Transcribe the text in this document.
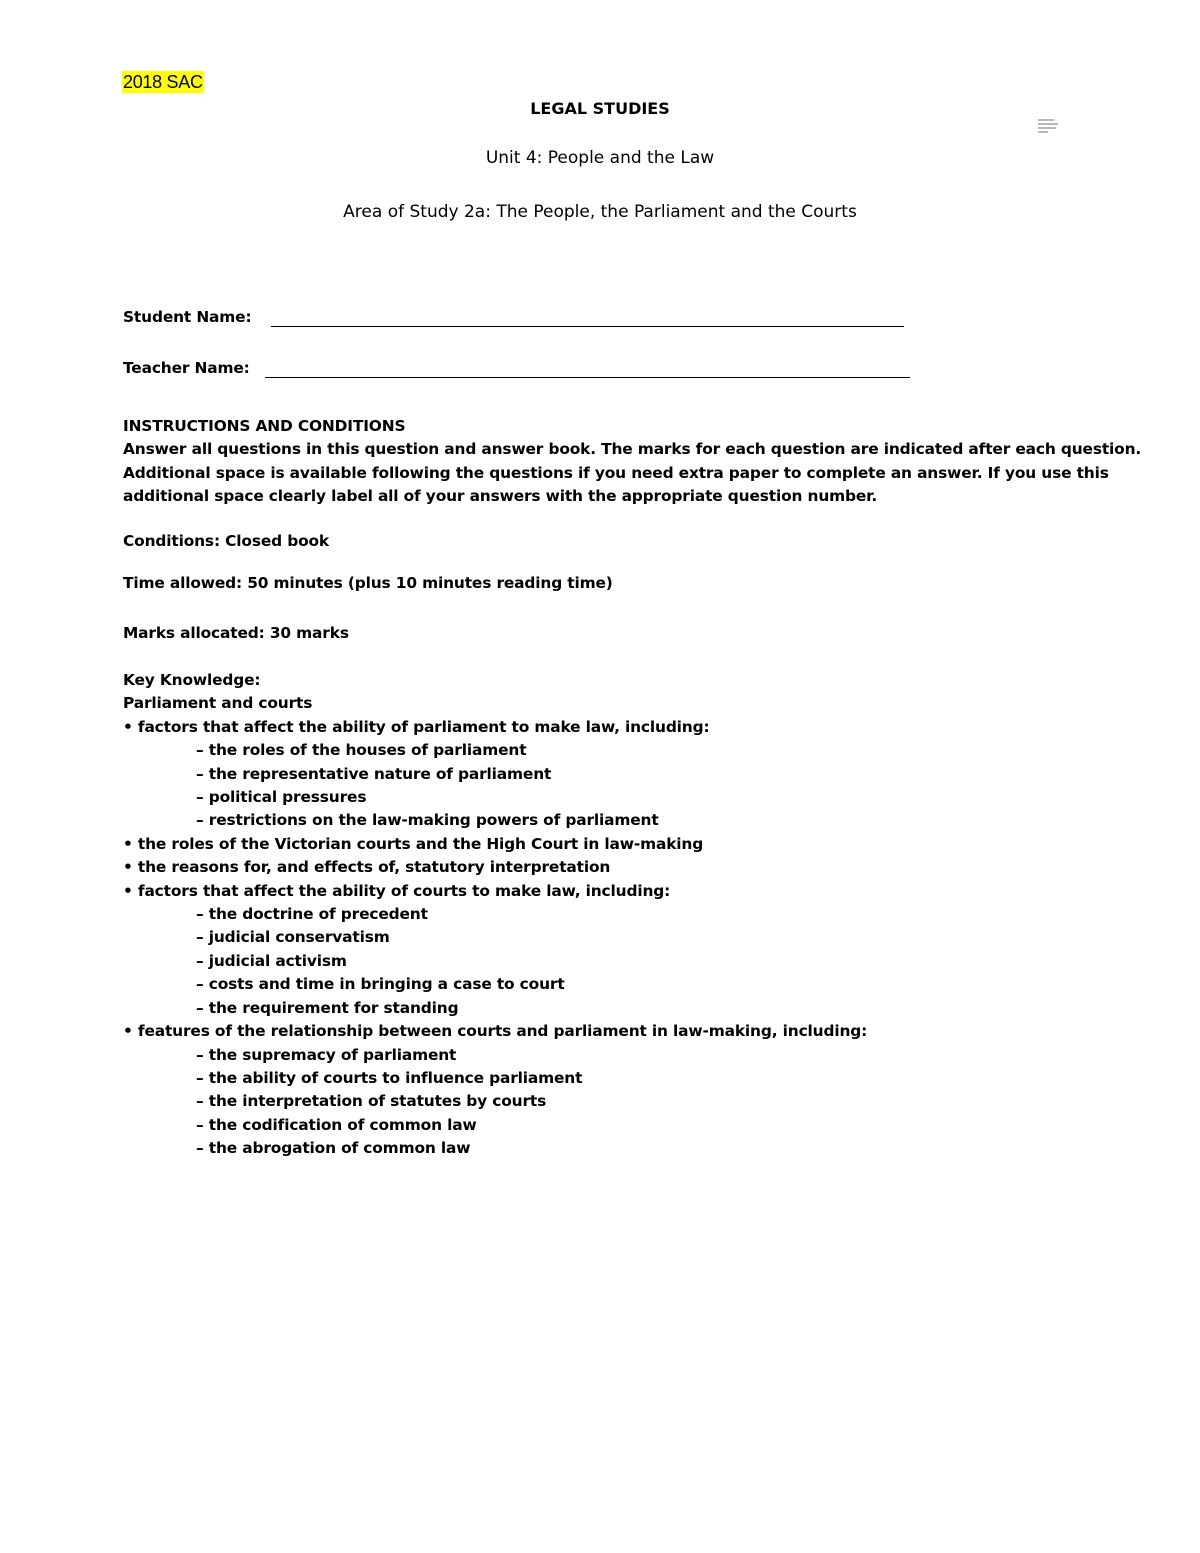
2018 SAC
LEGAL STUDIES
Unit 4: People and the Law
Area of Study 2a: The People, the Parliament and the Courts
Student Name:
Teacher Name:

INSTRUCTIONS AND CONDITIONS

Answer all questions in this question and answer book. The marks for each question are indicated after each question.

Additional space is available following the questions if you need extra paper to complete an answer. If you use this

additional space clearly label all of your answers with the appropriate question number.

Conditions: Closed book

Time allowed: 50 minutes (plus 10 minutes reading time)

Marks allocated: 30 marks

Key Knowledge:

Parliament and courts

• factors that affect the ability of parliament to make law, including:

– the roles of the houses of parliament

– the representative nature of parliament

– political pressures

– restrictions on the law-making powers of parliament

• the roles of the Victorian courts and the High Court in law-making

• the reasons for, and effects of, statutory interpretation

• factors that affect the ability of courts to make law, including:

– the doctrine of precedent

– judicial conservatism

– judicial activism

– costs and time in bringing a case to court

– the requirement for standing

• features of the relationship between courts and parliament in law-making, including:

– the supremacy of parliament

– the ability of courts to influence parliament

– the interpretation of statutes by courts

– the codification of common law

– the abrogation of common law
